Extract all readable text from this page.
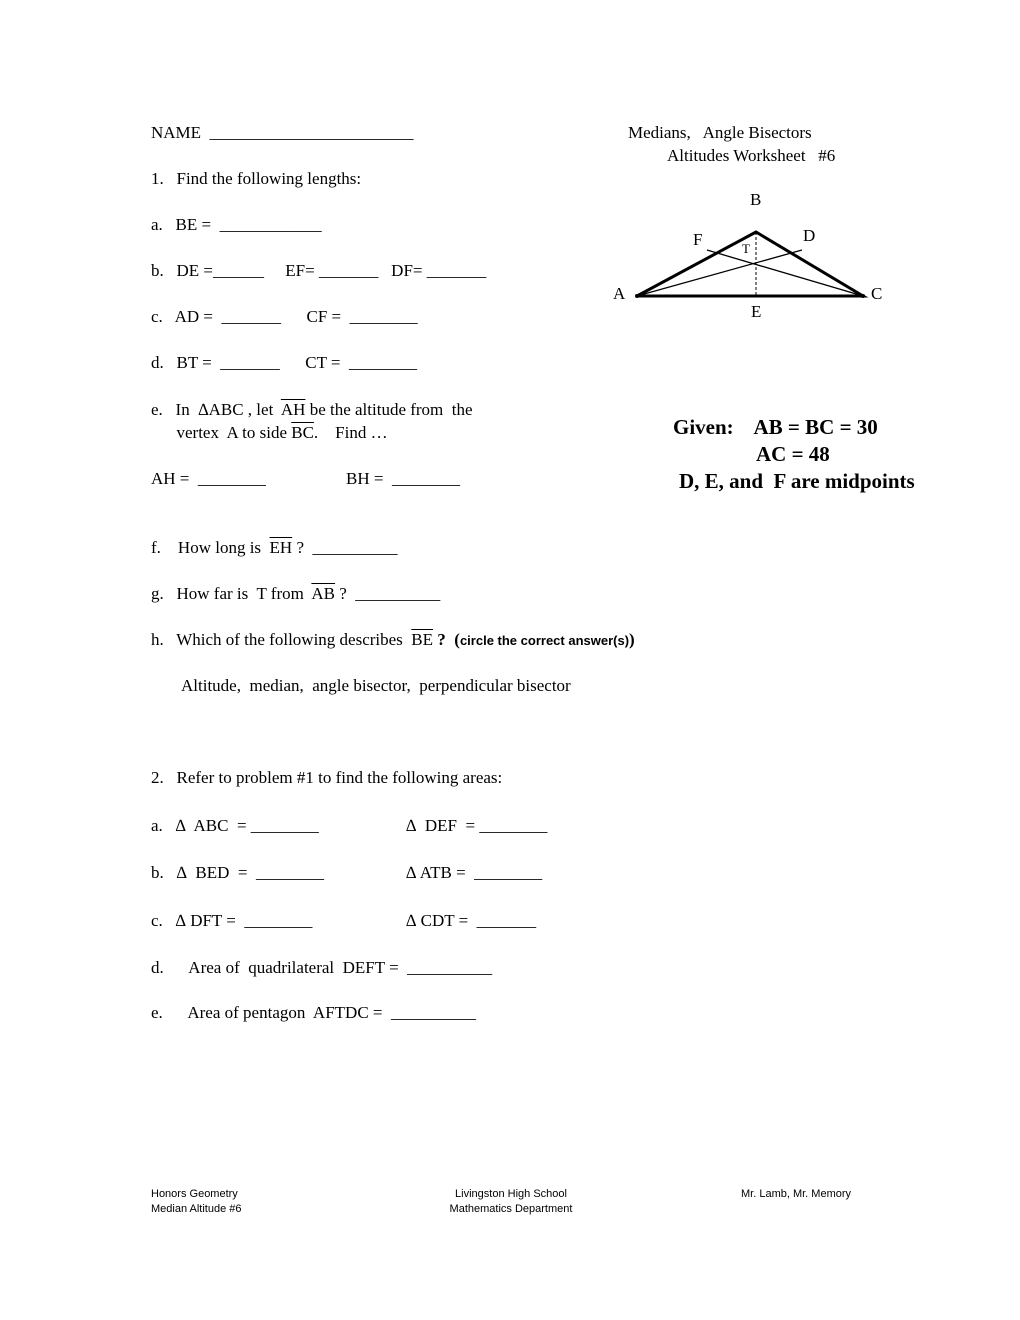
NAME  ________________________	Medians,   Angle Bisectors
Altitudes Worksheet   #6
1.   Find the following lengths:
a.   BE =  ____________
b.   DE =______     EF= _______   DF= _______
c.   AD =  _______      CF =  ________
d.   BT =  _______      CT =  ________
e.   In  ∆ABC , let  $\overline{AH}$ be the altitude from  the
vertex  A to side $\overline{BC}$.    Find …
AH =  ________	BH =  ________
f.    How long is  $\overline{EH}$ ?  __________
g.   How far is  T from  $\overline{AB}$ ?  __________
h.   Which of the following describes  $\overline{BE}$ ?  (circle the correct answer(s))
Altitude,  median,  angle bisector,  perpendicular bisector
B
F	D
T
A	C
E
Given:    AB = BC = 30
AC = 48
D, E, and  F are midpoints
2.   Refer to problem #1 to find the following areas:
a.   ∆  ABC  = ________	∆  DEF  = ________
b.   ∆  BED  =  ________	∆ ATB =  ________
c.   ∆ DFT =  ________	∆ CDT =  _______
d.      Area of  quadrilateral  DEFT =  __________
e.      Area of pentagon  AFTDC =  __________
Honors Geometry
Median Altitude #6
Livingston High School
Mathematics Department
Mr. Lamb, Mr. Memory
